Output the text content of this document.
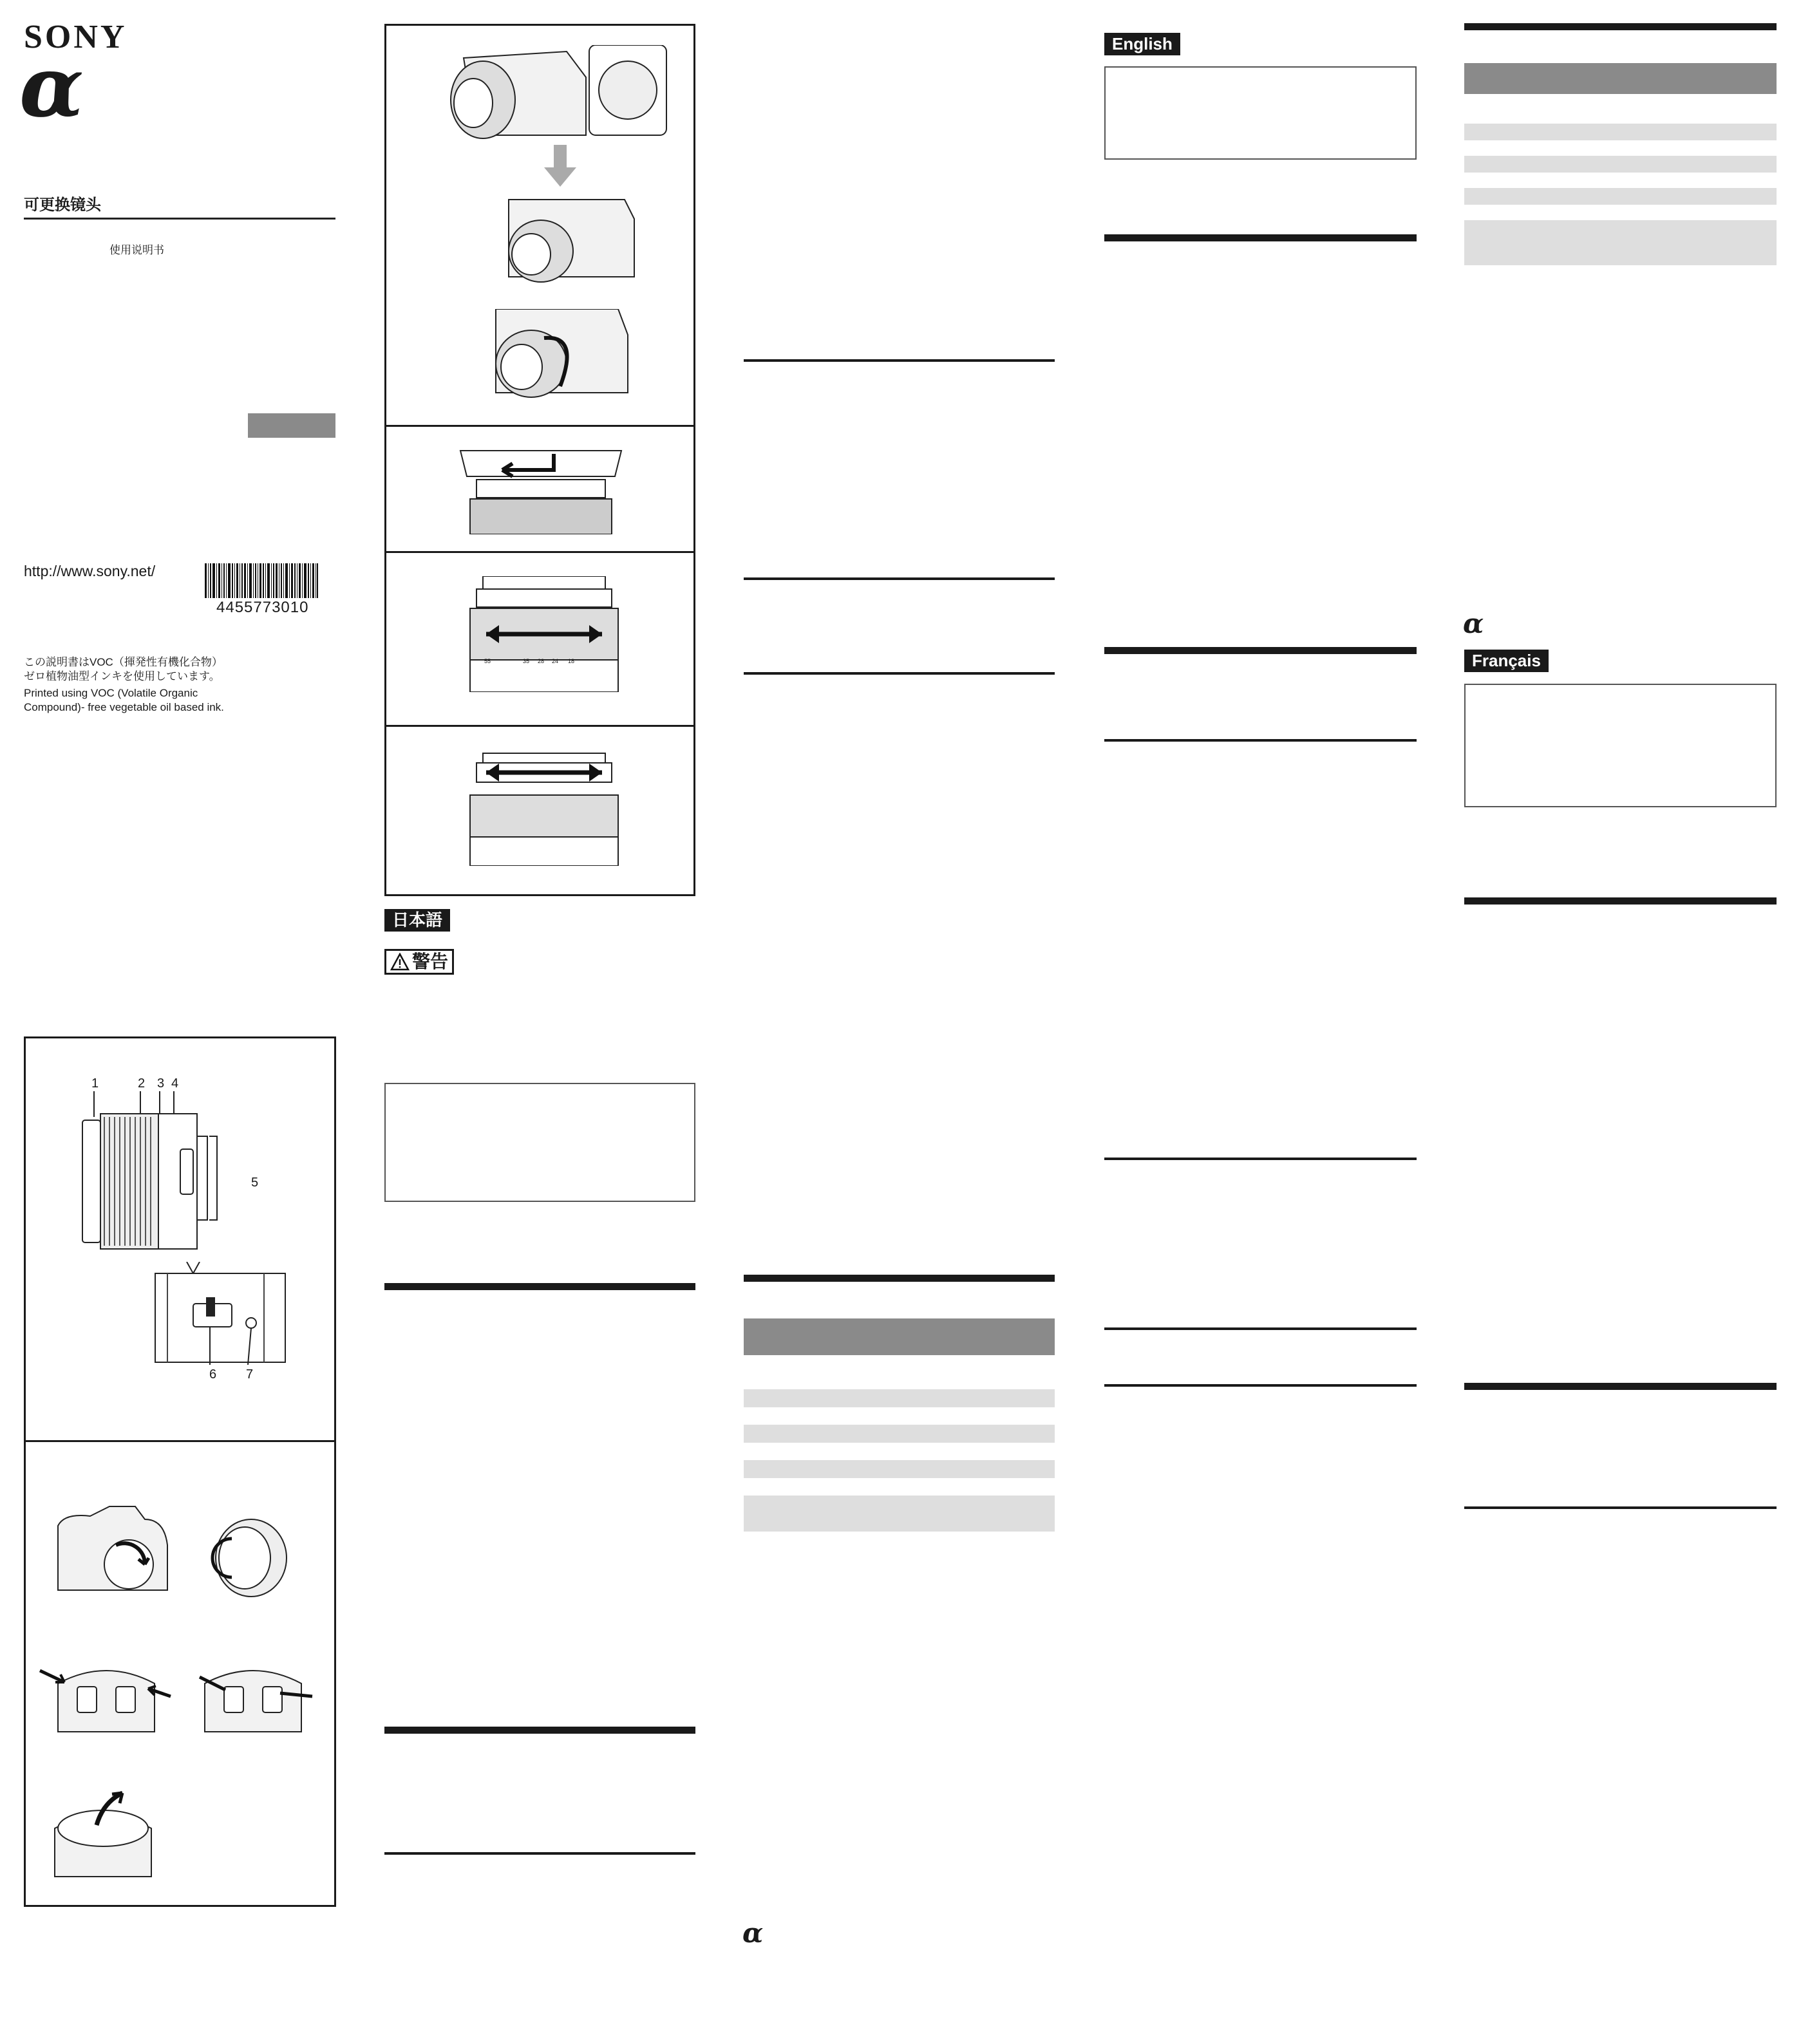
SONY
α
可更换镜头
使用说明书
http://www.sony.net/
4455773010
この説明書はVOC（揮発性有機化合物）
ゼロ植物油型インキを使用しています。
Printed using VOC (Volatile Organic
Compound)- free vegetable oil based ink.
1	2 3 4
5
6 7
55	35 28 24 18
日本語
警告
α
English
α
Français
